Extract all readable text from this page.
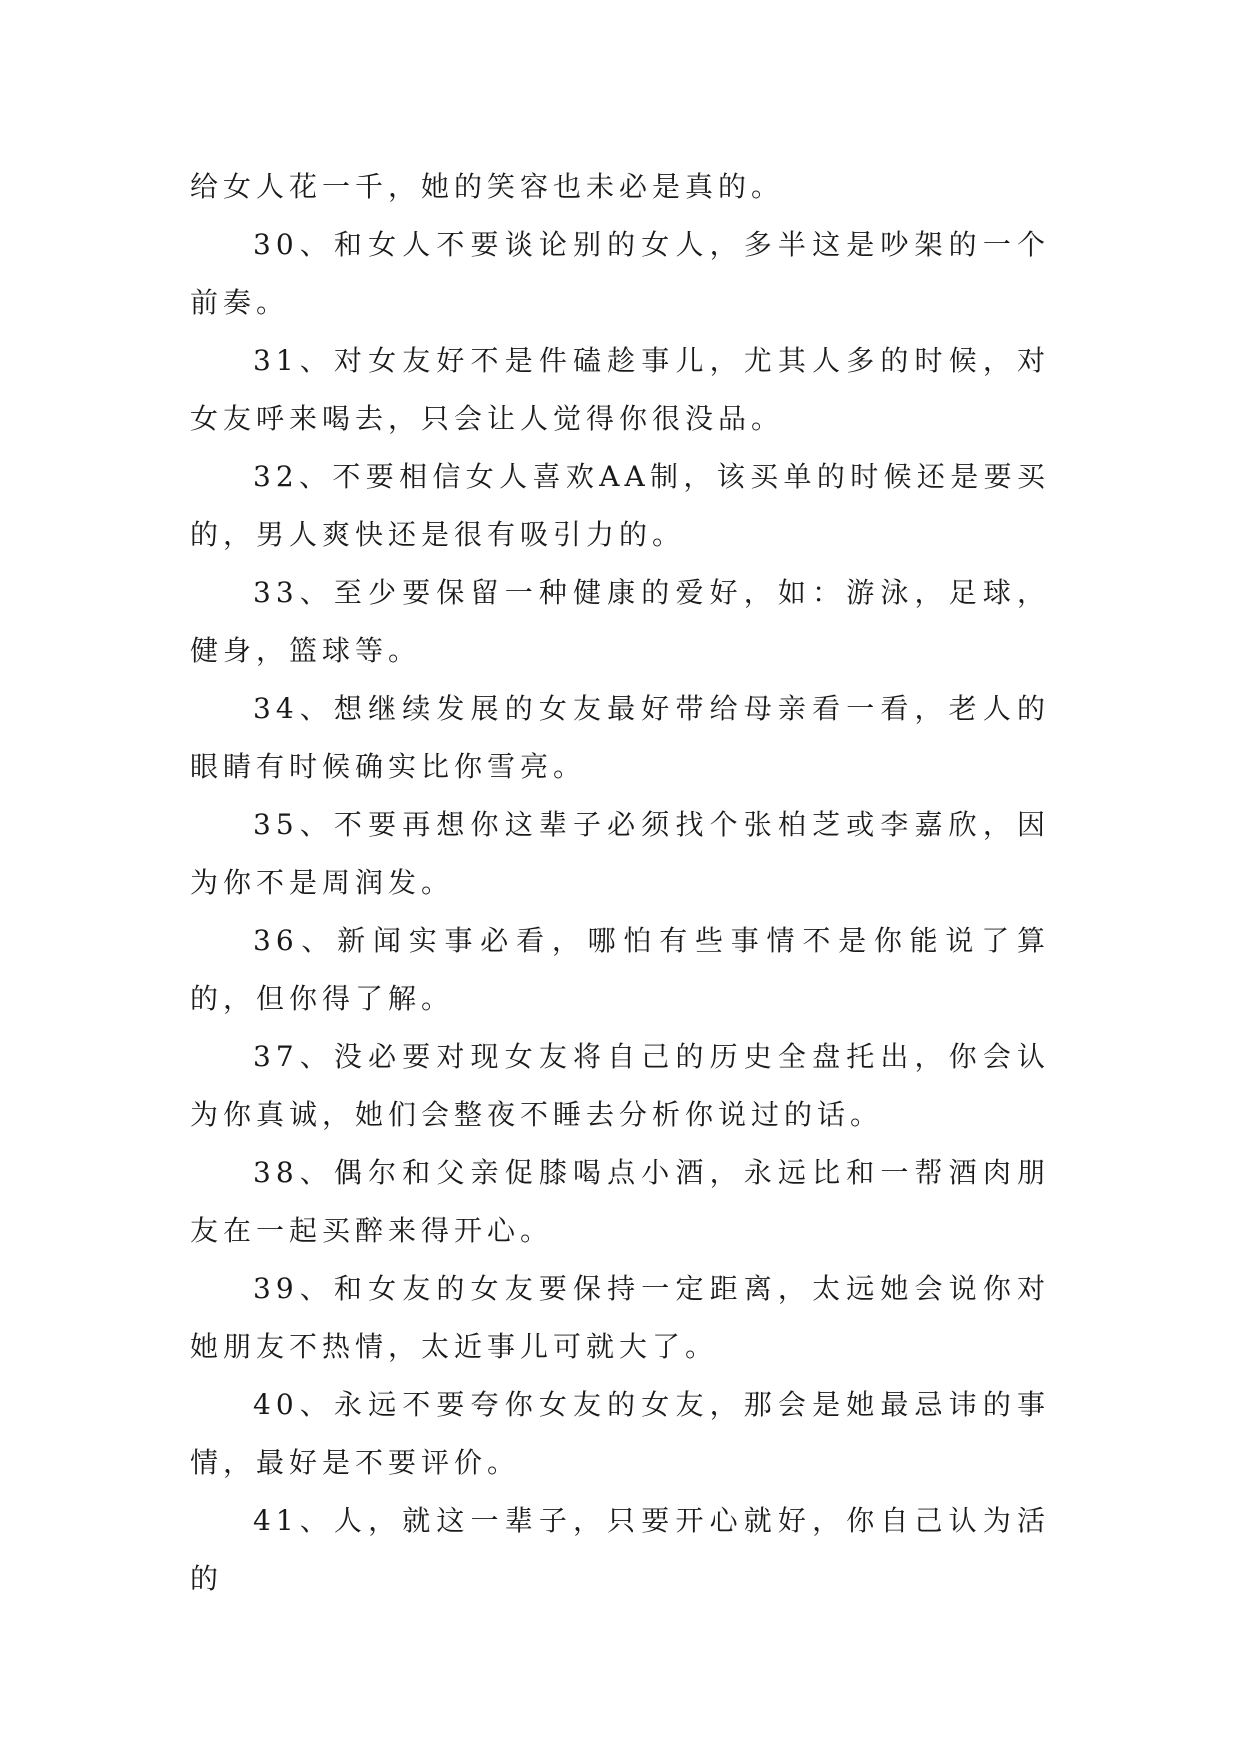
给女人花一千，她的笑容也未必是真的。

30、和女人不要谈论别的女人，多半这是吵架的一个前奏。

31、对女友好不是件磕趁事儿，尤其人多的时候，对女友呼来喝去，只会让人觉得你很没品。

32、不要相信女人喜欢AA制，该买单的时候还是要买的，男人爽快还是很有吸引力的。

33、至少要保留一种健康的爱好，如：游泳，足球，健身，篮球等。

34、想继续发展的女友最好带给母亲看一看，老人的眼睛有时候确实比你雪亮。

35、不要再想你这辈子必须找个张柏芝或李嘉欣，因为你不是周润发。

36、新闻实事必看，哪怕有些事情不是你能说了算的，但你得了解。

37、没必要对现女友将自己的历史全盘托出，你会认为你真诚，她们会整夜不睡去分析你说过的话。

38、偶尔和父亲促膝喝点小酒，永远比和一帮酒肉朋友在一起买醉来得开心。

39、和女友的女友要保持一定距离，太远她会说你对她朋友不热情，太近事儿可就大了。

40、永远不要夸你女友的女友，那会是她最忌讳的事情，最好是不要评价。

41、人，就这一辈子，只要开心就好，你自己认为活的
